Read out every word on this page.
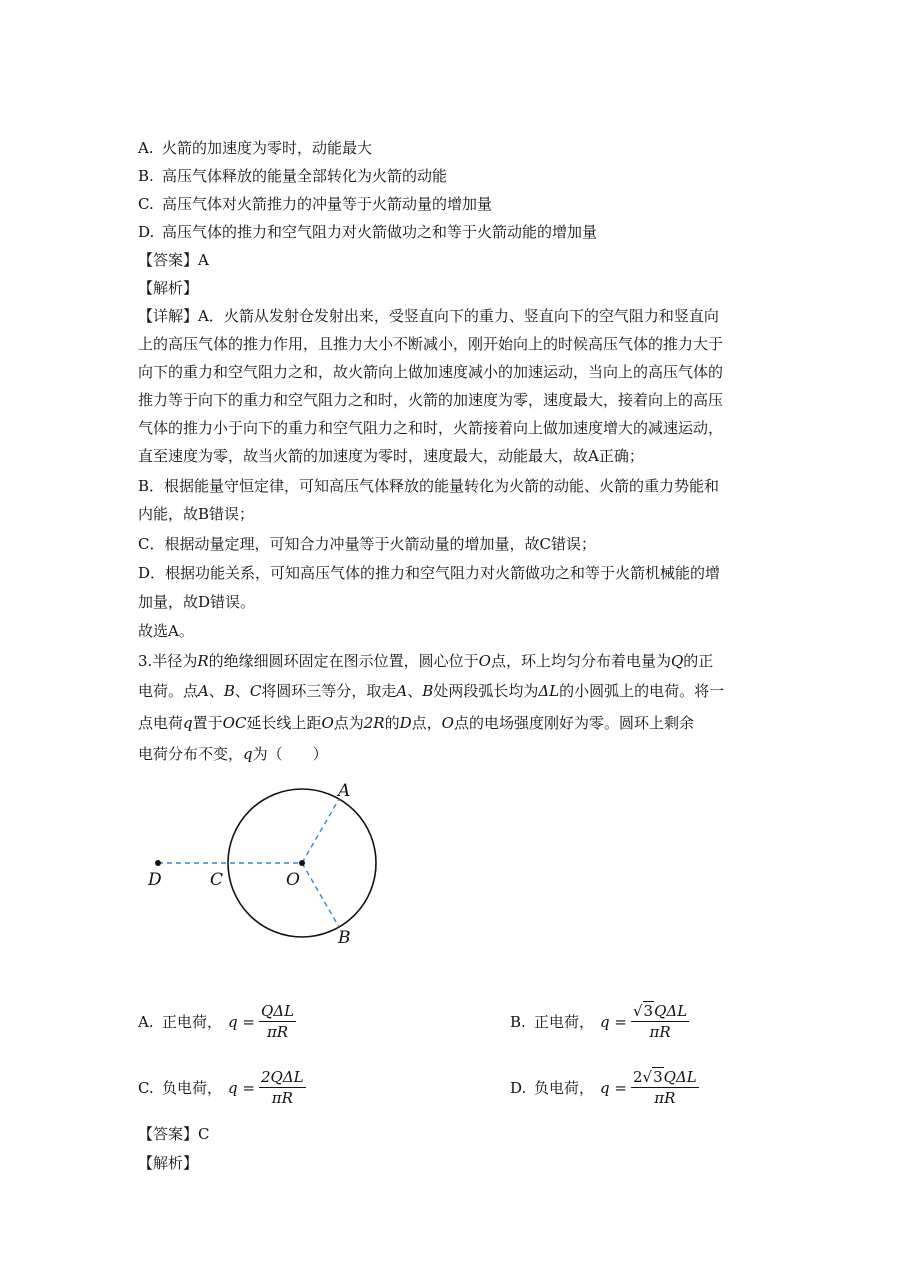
A. 火箭的加速度为零时，动能最大
B. 高压气体释放的能量全部转化为火箭的动能
C. 高压气体对火箭推力的冲量等于火箭动量的增加量
D. 高压气体的推力和空气阻力对火箭做功之和等于火箭动能的增加量
【答案】A
【解析】
【详解】A．火箭从发射仓发射出来，受竖直向下的重力、竖直向下的空气阻力和竖直向
上的高压气体的推力作用，且推力大小不断减小，刚开始向上的时候高压气体的推力大于
向下的重力和空气阻力之和，故火箭向上做加速度减小的加速运动，当向上的高压气体的
推力等于向下的重力和空气阻力之和时，火箭的加速度为零，速度最大，接着向上的高压
气体的推力小于向下的重力和空气阻力之和时，火箭接着向上做加速度增大的减速运动，
直至速度为零，故当火箭的加速度为零时，速度最大，动能最大，故A正确；
B．根据能量守恒定律，可知高压气体释放的能量转化为火箭的动能、火箭的重力势能和
内能，故B错误；
C．根据动量定理，可知合力冲量等于火箭动量的增加量，故C错误；
D．根据功能关系，可知高压气体的推力和空气阻力对火箭做功之和等于火箭机械能的增
加量，故D错误。
故选A。
3.半径为R的绝缘细圆环固定在图示位置，圆心位于O点，环上均匀分布着电量为Q的正
电荷。点A、B、C将圆环三等分，取走A、B处两段弧长均为ΔL的小圆弧上的电荷。将一
点电荷q置于OC延长线上距O点为2R的D点，O点的电场强度刚好为零。圆环上剩余
电荷分布不变，q为（　　）
A
B
C
D	O
A. 正电荷， $q = \frac{\text{QΔL}}{\pi R}$	B. 正电荷， $q = \frac{\text{√3QΔL}}{\pi R}$
C. 负电荷， $q = \frac{\text{2QΔL}}{\pi R}$	D. 负电荷， $q = \frac{\text{2√3QΔL}}{\pi R}$
【答案】C
【解析】
